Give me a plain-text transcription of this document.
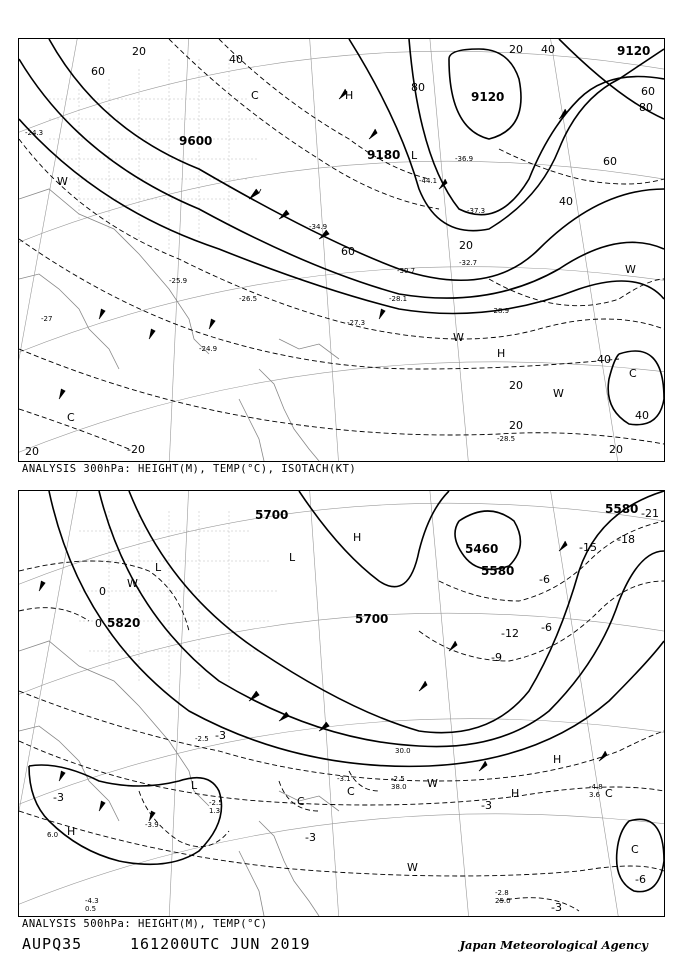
9600
9120
9120
9180
20
40
60
80
20 40
60
80
40
20
20
40
60
60
40
20
20
20
H
H
L
C
C
W
W
W
W
C
-24.3
-27
-25.9
-28.9
-24.9
-26.5
-27.3
-28.1
-30.7
-28.5
-20
-34.9
-36.9
-32.7
-37.3
-44.1
ANALYSIS 300hPa: HEIGHT(M), TEMP(°C), ISOTACH(KT)
5700
5700
5820
5580
5580
5460
L
L
L
H
H
H
H
W
W
W
C
C	C
C
-3
-6
-12
-15
-18
-21
-3
-3
-6
-9
-3
0
0
-6
-3
-2.5
38.0
-3.1
-4.8
3.6
-2.8
25.0
-4.3
0.5
-3.9
6.0
-2.5
1.3
-2.5
30.0
ANALYSIS 500hPa: HEIGHT(M), TEMP(°C)
AUPQ35	161200UTC JUN 2019	Japan Meteorological Agency
